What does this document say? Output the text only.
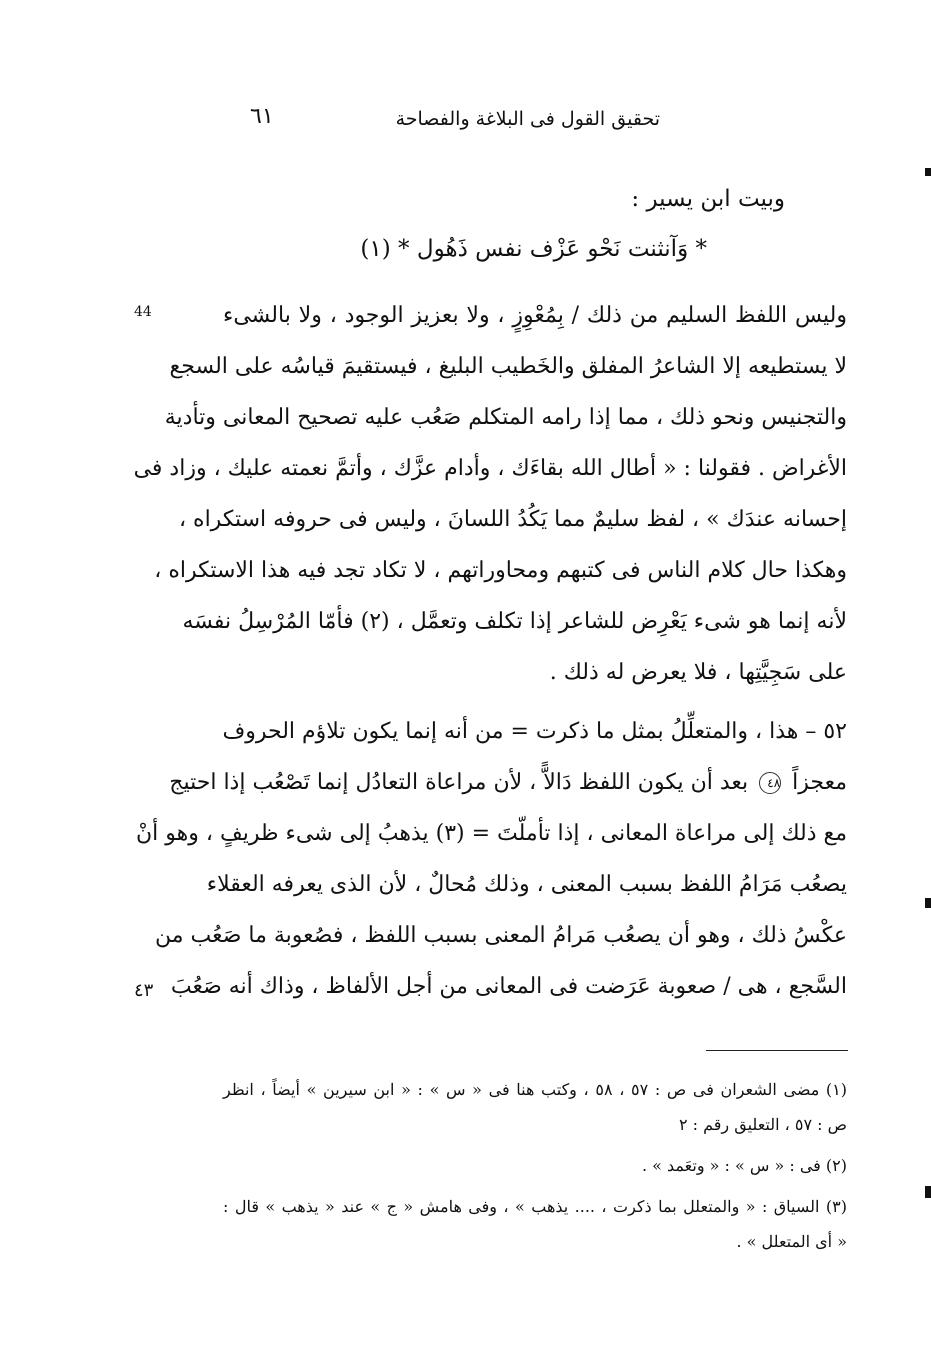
تحقيق القول فى البلاغة والفصاحة
٦١
وبيت ابن يسير :
* وَآنثنت نَحْو عَزْف نفس ذَهُول * (١)
وليس اللفظ السليم من ذلك / بِمُعْوِزٍ ، ولا بعزيز الوجود ، ولا بالشىء
لا يستطيعه إلا الشاعرُ المفلق والخَطيب البليغ ، فيستقيمَ قياسُه على السجع
والتجنيس ونحو ذلك ، مما إذا رامه المتكلم صَعُب عليه تصحيح المعانى وتأدية
الأغراض . فقولنا : « أطال الله بقاءَك ، وأدام عزَّك ، وأتمَّ نعمته عليك ، وزاد فى
إحسانه عندَك » ، لفظ سليمٌ مما يَكُدُ اللسانَ ، وليس فى حروفه استكراه ،
وهكذا حال كلام الناس فى كتبهم ومحاوراتهم ، لا تكاد تجد فيه هذا الاستكراه ،
لأنه إنما هو شىء يَعْرِض للشاعر إذا تكلف وتعمَّل ، (٢) فأمّا المُرْسِلُ نفسَه
على سَجِيَّتِها ، فلا يعرض له ذلك .
٥٢ – هذا ، والمتعلِّلُ بمثل ما ذكرت = من أنه إنما يكون تلاؤم الحروف
معجزاً ٤٨ بعد أن يكون اللفظ دَالاًّ ، لأن مراعاة التعادُل إنما تَصْعُب إذا احتيج
مع ذلك إلى مراعاة المعانى ، إذا تأملّتَ = (٣) يذهبُ إلى شىء ظريفٍ ، وهو أنْ
يصعُب مَرَامُ اللفظ بسبب المعنى ، وذلك مُحالٌ ، لأن الذى يعرفه العقلاء
عكْسُ ذلك ، وهو أن يصعُب مَرامُ المعنى بسبب اللفظ ، فصُعوبة ما صَعُب من
السَّجع ، هى / صعوبة عَرَضت فى المعانى من أجل الألفاظ ، وذاك أنه صَعُبَ
44
٤٣
(١) مضى الشعران فى ص : ٥٧ ، ٥٨ ، وكتب هنا فى « س » : « ابن سيرين » أيضاً ، انظر
ص : ٥٧ ، التعليق رقم : ٢
(٢) فى : « س » : « وتعَمد » .
(٣) السياق : « والمتعلل بما ذكرت ، .... يذهب » ، وفى هامش « ج » عند « يذهب » قال :
« أى المتعلل » .
